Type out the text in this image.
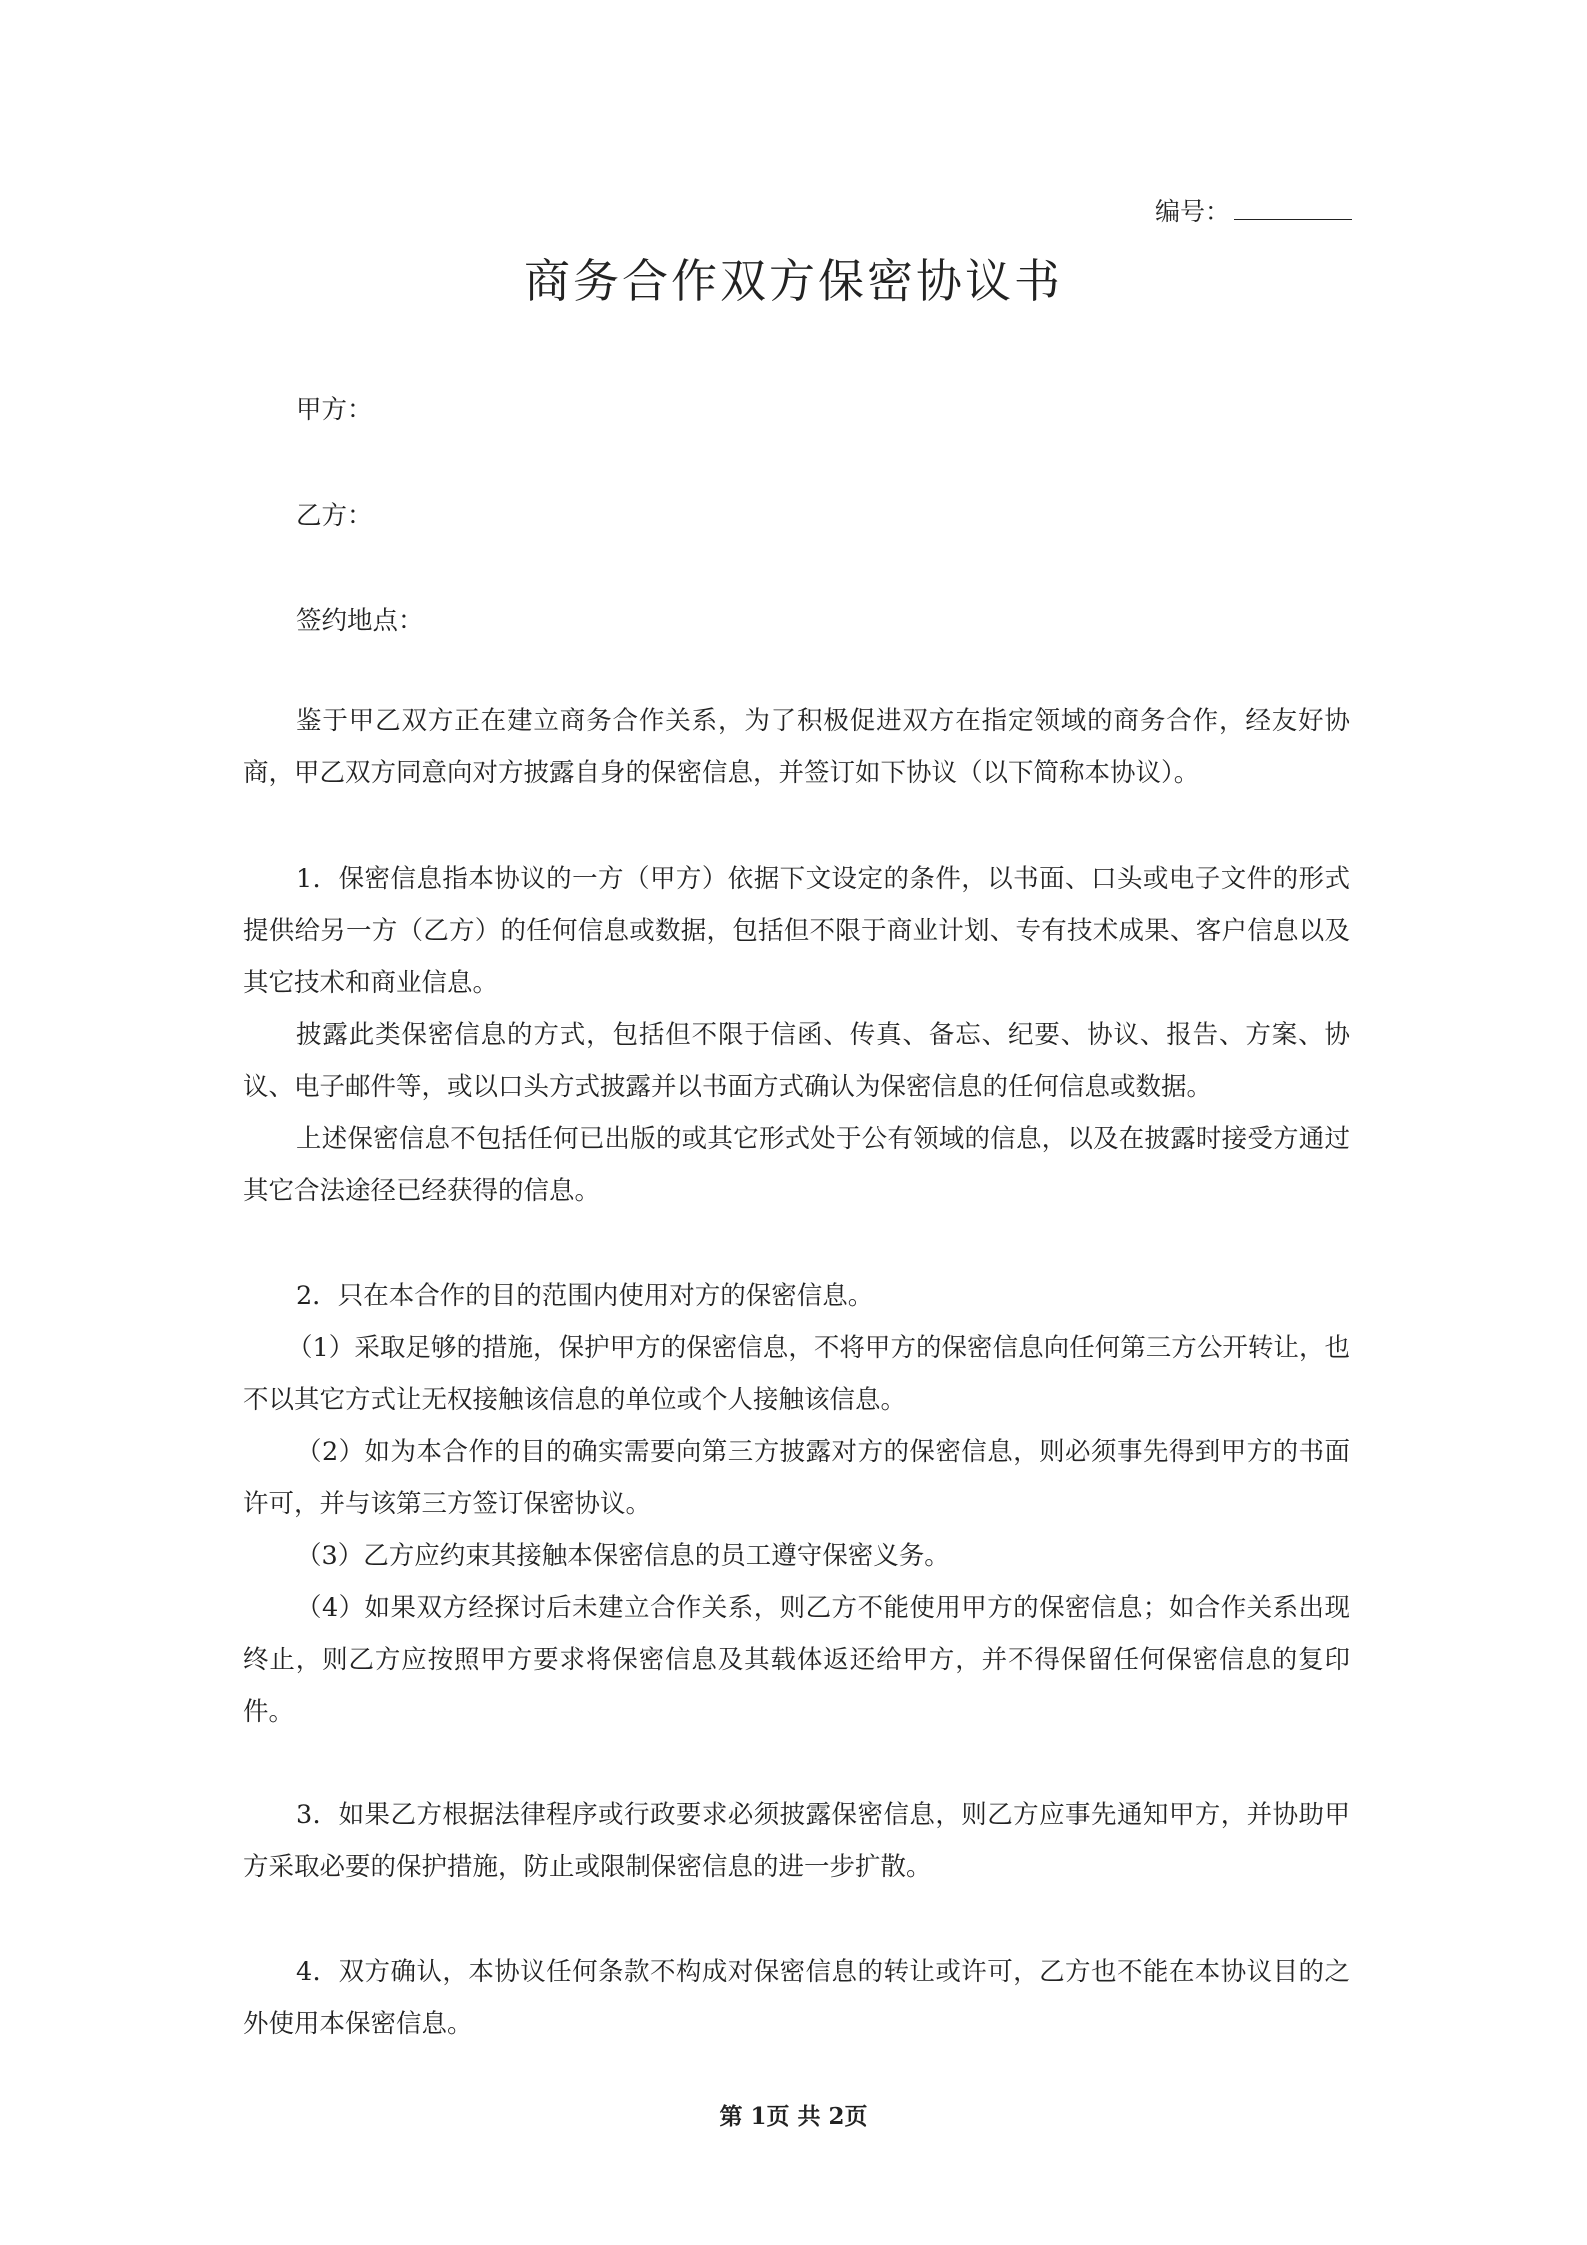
编号：
商务合作双方保密协议书
甲方：
乙方：
签约地点：

鉴于甲乙双方正在建立商务合作关系，为了积极促进双方在指定领域的商务合作，经友好协商，甲乙双方同意向对方披露自身的保密信息，并签订如下协议（以下简称本协议）。

1．保密信息指本协议的一方（甲方）依据下文设定的条件，以书面、口头或电子文件的形式提供给另一方（乙方）的任何信息或数据，包括但不限于商业计划、专有技术成果、客户信息以及其它技术和商业信息。

披露此类保密信息的方式，包括但不限于信函、传真、备忘、纪要、协议、报告、方案、协议、电子邮件等，或以口头方式披露并以书面方式确认为保密信息的任何信息或数据。

上述保密信息不包括任何已出版的或其它形式处于公有领域的信息，以及在披露时接受方通过其它合法途径已经获得的信息。

2．只在本合作的目的范围内使用对方的保密信息。

（1）采取足够的措施，保护甲方的保密信息，不将甲方的保密信息向任何第三方公开转让，也不以其它方式让无权接触该信息的单位或个人接触该信息。

（2）如为本合作的目的确实需要向第三方披露对方的保密信息，则必须事先得到甲方的书面许可，并与该第三方签订保密协议。

（3）乙方应约束其接触本保密信息的员工遵守保密义务。

（4）如果双方经探讨后未建立合作关系，则乙方不能使用甲方的保密信息；如合作关系出现终止，则乙方应按照甲方要求将保密信息及其载体返还给甲方，并不得保留任何保密信息的复印件。

3．如果乙方根据法律程序或行政要求必须披露保密信息，则乙方应事先通知甲方，并协助甲方采取必要的保护措施，防止或限制保密信息的进一步扩散。

4．双方确认，本协议任何条款不构成对保密信息的转让或许可，乙方也不能在本协议目的之外使用本保密信息。

第 1页 共 2页
